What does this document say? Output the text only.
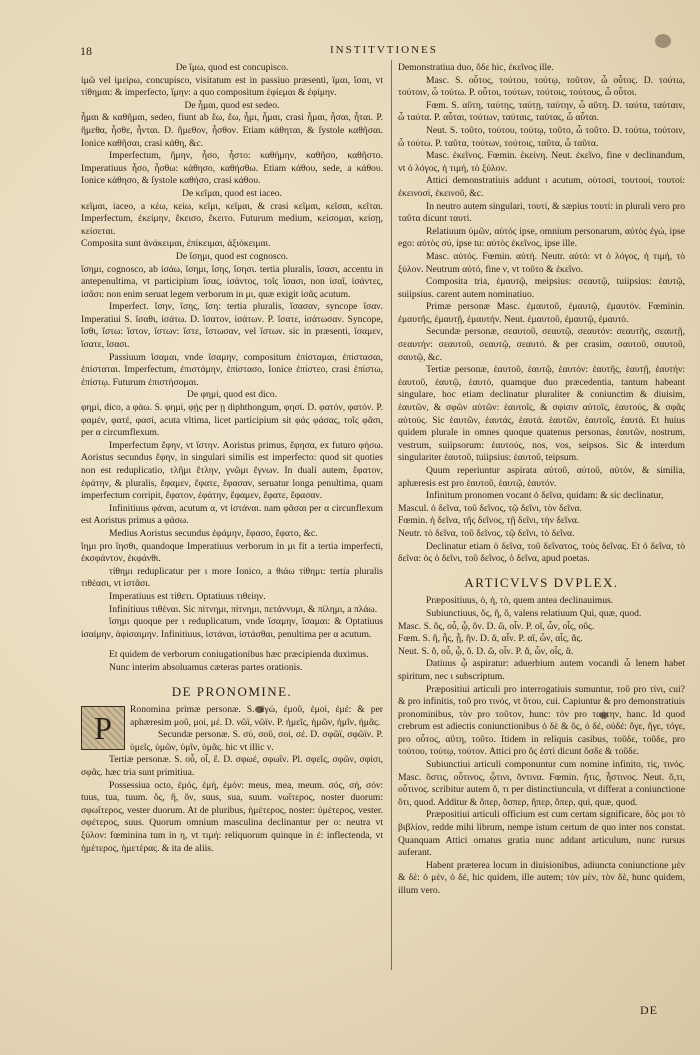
18	INSTITVTIONES

De ἵμω, quod est concupisco.

ἱμῶ vel ἱμείρω, concupisco, visitatum est in passiuo præsenti, ἵμαι, ἵσαι, vt τίθημαι: & imperfecto, ἵμην: a quo compositum ἐφίεμαι & ἐφίμην.

De ἧμαι, quod est sedeo.

ἧμαι & καθῆμαι, sedeo, fiunt ab ἕω, ἕω, ἧμι, ἧμαι, crasi ἧμαι, ἧσαι, ἧται. P. ἥμεθα, ἧσθε, ἧνται. D. ἥμεθον, ἧσθον. Etiam κάθηται, & ſystole καθῆσαι. Ionice καθῆσαι, crasi κάθη, &c.

Imperfectum, ἥμην, ἧσο, ἧστο: καθήμην, καθῆσο, καθῆστο. Imperatiuus ἧσο, ἧσθω: κάθησο, καθήσθω. Etiam κάθου, sede, a κάθου. Ionice κάθησο, & ſystole καθήσο, crasi κάθου.

De κεῖμαι, quod est iaceo.

κεῖμαι, iaceo, a κέω, κείω, κεῖμι, κεῖμαι, & crasi κεῖμαι, κεῖσαι, κεῖται. Imperfectum, ἐκείμην, ἔκεισο, ἔκειτο. Futurum medium, κείσομαι, κείσῃ, κείσεται.

Composita sunt ἀνάκειμαι, ἐπίκειμαι, ἀξιόκειμαι.

De ἴσημι, quod est cognosco.

ἴσημι, cognosco, ab ἰσάω, ἴσημι, ἴσης, ἴσησι. tertia pluralis, ἴσασι, accentu in antepenultima, vt participium ἴσας, ἰσάντος, τοῖς ἴσασι, non ἰσαῖ, ἰσάντες, ἰσᾶσι: non enim seruat legem verborum in μι, quæ exigit ἰσᾶς acutum.

Imperfect. ἴσην, ἴσης, ἴση: tertia pluralis, ἴσασαν, syncope ἴσαν. Imperatiui S. ἴσαθι, ἰσάτω. D. ἴσατον, ἰσάτων. P. ἴσατε, ἰσάτωσαν. Syncope, ἴσθι, ἴστω: ἴστον, ἴστων: ἴστε, ἴστωσαν, vel ἴστων. sic in præsenti, ἴσαμεν, ἴσατε, ἴσασι.

Passiuum ἴσαμαι, vnde ἴσαμην, compositum ἐπίσταμαι, ἐπίστασαι, ἐπίσταται. Imperfectum, ἐπιστάμην, ἐπίστασο, Ionice ἐπίστεο, crasi ἐπίστω, ἐπίστῳ. Futurum ἐπιστήσομαι.

De φημί, quod est dico.

φημί, dico, a φάω. S. φημί, φῄς per ῃ diphthongum, φησί. D. φατόν, φατόν. P. φαμέν, φατέ, φασί, acuta vltima, licet participium sit φάς φάσας, τοῖς φᾶσι, per α circumflexum.

Imperfectum ἔφην, vt ἵστην. Aoristus primus, ἔφησα, ex futuro φήσω. Aoristus secundus ἔφην, in singulari similis est imperfecto: quod sit quoties non est reduplicatio, τλῆμι ἔτλην, γνῶμι ἔγνων. In duali autem, ἔφατον, ἐφάτην, & pluralis, ἔφαμεν, ἔφατε, ἔφασαν, seruatur longa penultima, quam imperfectum corripit, ἔφατον, ἐφάτην, ἔφαμεν, ἔφατε, ἔφασαν.

Infinitiuus φάναι, acutum α, vt ἱστάναι. nam φᾶσαι per α circunflexum est Aoristus primus a φάσω.

Medius Aoristus secundus ἐφάμην, ἔφασο, ἔφατο, &c.

ἵημι pro ἵησθι, quandoque Imperatiuus verborum in μι fit a tertia imperfecti, ἐκσφάντον, ἐκφάνθι.

τίθημι reduplicatur per ι more Ionico, a θιάω τίθημι: tertia pluralis τιθέασι, vt ἱστᾶσι.

Imperatiuus est τίθετι. Optatiuus τιθείην.

Infinitiuus τιθέναι. Sic πίτνημι, πίτνημι, πετάννυμι, & πίλημι, a πλάω.

ἵσημι quoque per ι reduplicatum, vnde ἵσαμην, ἵσαμαι: & Optatiuus ἱσαίμην, ἀφίσαιμην. Infinitiuus, ἱστάναι, ἱστάσθαι, penultima per α acutum.

Et quidem de verborum coniugationibus hæc præcipienda duximus.

Nunc interim absoluamus cæteras partes orationis.

DE PRONOMINE.

P
Ronomina primæ personæ. S. ἐγώ, ἐμοῦ, ἐμοί, ἐμέ: & per aphæresim μοῦ, μοί, μέ. D. νῶϊ, νῶϊν. P. ἡμεῖς, ἡμῶν, ἡμῖν, ἡμᾶς.

Secundæ personæ. S. σύ, σοῦ, σοί, σέ. D. σφῶϊ, σφῶϊν. P. ὑμεῖς, ὑμῶν, ὑμῖν, ὑμᾶς. hic vt illic ν.

Tertiæ personæ. S. οὗ, οἷ, ἕ. D. σφωέ, σφωΐν. Pl. σφεῖς, σφῶν, σφίσι, σφᾶς. hæc tria sunt primitiua.

Possessiua octo, ἐμός, ἐμή, ἐμόν: meus, mea, meum. σός, σή, σόν: tuus, tua, tuum. ὅς, ἥ, ὅν, suus, sua, suum. νωΐτερος, noster duorum: σφωΐτερος, vester duorum. At de pluribus, ἡμέτερος, noster: ὑμέτερος, vester. σφέτερος, suus. Quorum omnium masculina declinantur per ο: neutra vt ξύλον: fœminina tum in η, vt τιμή: reliquorum quinque in ἐ: inflectenda, vt ἡμέτερος, ἡμετέρας. & ita de aliis.

Demonstratiua duo, ὅδε hic, ἐκεῖνος ille.

Masc. S. οὗτος, τούτου, τούτῳ, τοῦτον, ὦ οὗτος. D. τούτω, τούτοιν, ὦ τούτω. P. οὗτοι, τούτων, τούτοις, τούτους, ὦ οὗτοι.

Fœm. S. αὕτη, ταύτης, ταύτῃ, ταύτην, ὦ αὕτη. D. ταύτα, ταύταιν, ὦ ταύτα. P. αὗται, τούτων, ταύταις, ταύτας, ὦ αὗται.

Neut. S. τοῦτο, τούτου, τούτῳ, τοῦτο, ὦ τοῦτο. D. τούτω, τούτοιν, ὦ τούτω. P. ταῦτα, τούτων, τούτοις, ταῦτα, ὦ ταῦτα.

Masc. ἐκεῖνος. Fœmin. ἐκείνη. Neut. ἐκεῖνο, fine ν declinandum, vt ὁ λόγος, ἡ τιμή, τὸ ξύλον.

Attici demonstratiuis addunt ι acutum, οὑτοσί, τουτουί, τουτοί: ἐκεινοσί, ἐκεινοῦ, &c.

In neutro autem singulari, τουτί, & sæpius τουτί: in plurali vero pro ταῦτα dicunt ταυτί.

Relatiuum ὑμῶν, αὐτός ipse, omnium personarum, αὐτὸς ἐγώ, ipse ego: αὐτὸς σύ, ipse tu: αὐτὸς ἐκεῖνος, ipse ille.

Masc. αὐτός. Fœmin. αὐτή. Neutr. αὐτό: vt ὁ λόγος, ἡ τιμή, τὸ ξύλον. Neutrum αὐτό, fine ν, vt τοῦτο & ἐκεῖνο.

Composita tria, ἐμαυτῷ, meipsius: σεαυτῷ, tuiipsius: ἑαυτῷ, suiipsius. carent autem nominatiuo.

Primæ personæ Masc. ἐμαυτοῦ, ἐμαυτῷ, ἐμαυτόν. Fœminin. ἐμαυτῆς, ἐμαυτῇ, ἐμαυτήν. Neut. ἐμαυτοῦ, ἐμαυτῷ, ἐμαυτό.

Secundæ personæ, σεαυτοῦ, σεαυτῷ, σεαυτόν: σεαυτῆς, σεαυτῇ, σεαυτήν: σεαυτοῦ, σεαυτῷ, σεαυτό. & per crasim, σαυτοῦ, σαυτοῦ, σαυτῷ, &c.

Tertiæ personæ, ἑαυτοῦ, ἑαυτῷ, ἑαυτόν: ἑαυτῆς, ἑαυτῇ, ἑαυτήν: ἑαυτοῦ, ἑαυτῷ, ἑαυτό, quamque duo præcedentia, tantum habeant singulare, hoc etiam declinatur pluraliter & coniunctim & diuisim, ἑαυτῶν, & σφῶν αὐτῶν: ἑαυτοῖς, & σφίσιν αὐτοῖς, ἑαυτούς, & σφᾶς αὐτούς. Sic ἑαυτῶν, ἑαυτάς, ἑαυτά. ἑαυτῶν, ἑαυτοῖς, ἑαυτά. Et huius quidem plurale in omnes quoque quatenus personas, ἑαυτῶν, nostrum, vestrum, suiipsorum: ἑαυτούς, nos, vos, seipsos. Sic & interdum singulariter ἑαυτοῦ, tuiipsius: ἑαυτοῦ, teipsum.

Quum reperiuntur aspirata αὐτοῦ, αὐτοῦ, αὐτόν, & similia, aphæresis est pro ἑαυτοῦ, ἑαυτῷ, ἑαυτόν.

Infinitum pronomen vocant ὁ δεῖνα, quidam: & sic declinatur,

Mascul. ὁ δεῖνα, τοῦ δεῖνος, τῷ δεῖνι, τὸν δεῖνα.

Fœmin. ἡ δεῖνα, τῆς δεῖνος, τῇ δεῖνι, τὴν δεῖνα.

Neutr. τὸ δεῖνα, τοῦ δεῖνος, τῷ δεῖνι, τὸ δεῖνα.

Declinatur etiam ὁ δεῖνα, τοῦ δεῖνατος, τοὺς δεῖνας. Et ὁ δεῖνα, τὸ δεῖνα: ὁς ὁ δεῖνι, τοῦ δεῖνος, ὁ δεῖνα, apud poetas.

ARTICVLVS DVPLEX.

Præpositiuus, ὁ, ἡ, τὸ, quem antea declinauimus.

Subiunctiuus, ὅς, ἥ, ὅ, valens relatiuum Qui, quæ, quod.

Masc. S. ὅς, οὗ, ᾧ, ὅν. D. ὥ, οἷν. P. οἵ, ὧν, οἷς, οὕς.

Fœm. S. ἥ, ἧς, ᾗ, ἥν. D. ἅ, αἷν. P. αἵ, ὧν, αἷς, ἅς.

Neut. S. ὅ, οὗ, ᾧ, ὅ. D. ὥ, οἷν. P. ἅ, ὧν, οἷς, ἅ.

Datiuus ᾧ aspiratur: aduerbium autem vocandi ὦ lenem habet spiritum, nec ι subscriptum.

Præpositiui articuli pro interrogatiuis sumuntur, τοῦ pro τίνι, cui? & pro infinitis, τοῦ pro τινός, vt ὅτου, cui. Capiuntur & pro demonstratiuis pronominibus, τὸν pro τοῦτον, hunc: τὸν pro ταύτην, hanc. Id quod crebrum est adiectis coniunctionibus ὁ δὲ & ὅς, ὁ δέ, οὐδέ: ὄγε, ἥγε, τόγε, pro οὗτος, αὕτη, τοῦτο. Itidem in reliquis casibus, τοῦδε, τοῦδε, pro τούτου, τούτῳ, τούτον. Attici pro ὅς ἐστὶ dicunt ὅσδε & τοῦδε.

Subiunctiui articuli componuntur cum nomine infinito, τὶς, τινός. Masc. ὅστις, οὗτινος, ᾧτινι, ὅντινα. Fœmin. ἥτις, ἧστινος. Neut. ὅ,τι, οὗτινος. scribitur autem ὅ, τι per distinctiuncula, vt differat a coniunctione ὅτι, quod. Additur & ὄπερ, ὅσπερ, ἥπερ, ὅπερ, qui, quæ, quod.

Præpositiui articuli officium est cum certam significare, δὸς μοι τὸ βιβλίον, redde mihi librum, nempe istum certum de quo inter nos constat. Quanquam Attici ornatus gratia nunc addant articulum, nunc rursus auferant.

Habent præterea locum in diuisionibus, adiuncta coniunctione μὲν & δέ: ὁ μὲν, ὁ δέ, hic quidem, ille autem; τὸν μὲν, τὸν δὲ, hunc quidem, illum vero.

DE
